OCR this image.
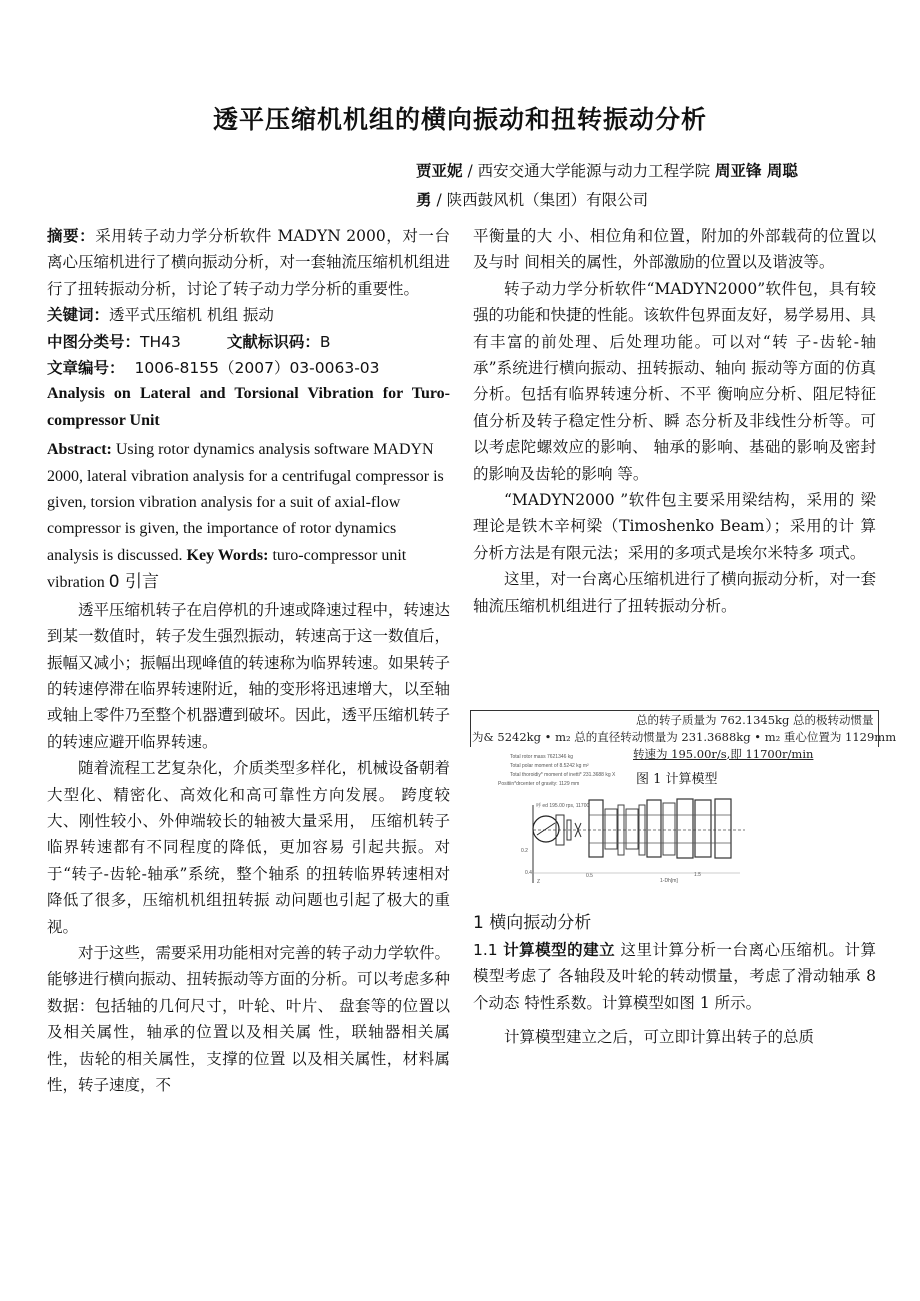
透平压缩机机组的横向振动和扭转振动分析
贾亚妮 / 西安交通大学能源与动力工程学院 周亚锋 周聪
勇 / 陕西鼓风机（集团）有限公司

摘要：采用转子动力学分析软件 MADYN 2000，对一台离心压缩机进行了横向振动分析，对一套轴流压缩机机组进行了扭转振动分析，讨论了转子动力学分析的重要性。

关键词：透平式压缩机 机组 振动

中图分类号：TH43	文献标识码：B

文章编号： 1006-8155（2007）03-0063-03

Analysis on Lateral and Torsional Vibration for Turo-compressor Unit

Abstract: Using rotor dynamics analysis software MADYN 2000, lateral vibration analysis for a centrifugal compressor is given, torsion vibration analysis for a suit of axial-flow compressor is given, the importance of rotor dynamics analysis is discussed. Key Words: turo-compressor unit vibration 0 引言

透平压缩机转子在启停机的升速或降速过程中，转速达到某一数值时，转子发生强烈振动，转速高于这一数值后，振幅又减小；振幅出现峰值的转速称为临界转速。如果转子的转速停滞在临界转速附近，轴的变形将迅速增大，以至轴或轴上零件乃至整个机器遭到破坏。因此，透平压缩机转子的转速应避开临界转速。

随着流程工艺复杂化，介质类型多样化，机械设备朝着大型化、精密化、高效化和高可靠性方向发展。 跨度较大、刚性较小、外伸端较长的轴被大量采用， 压缩机转子临界转速都有不同程度的降低，更加容易 引起共振。对于“转子-齿轮-轴承”系统，整个轴系 的扭转临界转速相对降低了很多，压缩机机组扭转振 动问题也引起了极大的重视。

对于这些，需要采用功能相对完善的转子动力学软件。能够进行横向振动、扭转振动等方面的分析。可以考虑多种数据：包括轴的几何尺寸，叶轮、叶片、 盘套等的位置以及相关属性，轴承的位置以及相关属 性，联轴器相关属性，齿轮的相关属性，支撑的位置 以及相关属性，材料属性，转子速度，不

平衡量的大 小、相位角和位置，附加的外部载荷的位置以及与时 间相关的属性，外部激励的位置以及谐波等。

转子动力学分析软件“MADYN2000”软件包，具有较强的功能和快捷的性能。该软件包界面友好，易学易用、具有丰富的前处理、后处理功能。可以对“转 子-齿轮-轴承”系统进行横向振动、扭转振动、轴向 振动等方面的仿真分析。包括有临界转速分析、不平 衡响应分析、阻尼特征值分析及转子稳定性分析、瞬 态分析及非线性分析等。可以考虑陀螺效应的影响、 轴承的影响、基础的影响及密封的影响及齿轮的影响 等。

“MADYN2000 ”软件包主要采用梁结构，采用的 梁理论是铁木辛柯梁（Timoshenko Beam）；采用的计 算分析方法是有限元法；采用的多项式是埃尔米特多 项式。

这里，对一台离心压缩机进行了横向振动分析，对一套轴流压缩机机组进行了扭转振动分析。

总的转子质量为 762.1345kg 总的极转动惯量
为& 5242kg • m₂ 总的直径转动惯量为 231.3688kg • m₂ 重心位置为 1129mm
转速为 195.00r/s,即 11700r/min
图 1 计算模型
Total rotor mass 7621346 kg
Total polar moment of 8.5242 kg m²
Total thoroidiy* moment of inetti* 231.3688 kg X
Positiin*drcenter of gravity: 1129 mm
呼 ed 195.00 rps, 11700
0.2
0.4	0.5
Z
1.5
1-Dh[m]

1 横向振动分析

1.1 计算模型的建立 这里计算分析一台离心压缩机。计算模型考虑了 各轴段及叶轮的转动惯量，考虑了滑动轴承 8 个动态 特性系数。计算模型如图 1 所示。

计算模型建立之后，可立即计算出转子的总质
